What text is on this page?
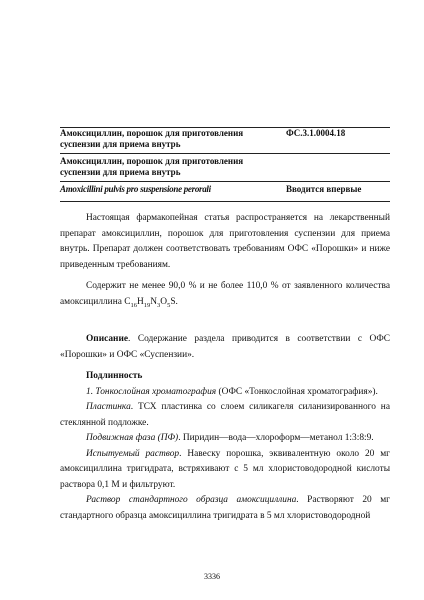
Амоксициллин, порошок для приготовления суспензии для приема внутрь
ФС.3.1.0004.18
Амоксициллин, порошок для приготовления суспензии для приема внутрь
Amoxicillini pulvis pro suspensione perorali	Вводится впервые

Настоящая фармакопейная статья распространяется на лекарственный препарат амоксициллин, порошок для приготовления суспензии для приема внутрь. Препарат должен соответствовать требованиям ОФС «Порошки» и ниже приведенным требованиям.

Содержит не менее 90,0 % и не более 110,0 % от заявленного количества амоксициллина $C_{16}H_{19}N_3O_5S$.

Описание. Содержание раздела приводится в соответствии с ОФС «Порошки» и ОФС «Суспензии».

Подлинность

1. Тонкослойная хроматография (ОФС «Тонкослойная хроматография»).

Пластинка. ТСХ пластинка со слоем силикагеля силанизированного на стеклянной подложке.

Подвижная фаза (ПФ). Пиридин—вода—хлороформ—метанол 1:3:8:9.

Испытуемый раствор. Навеску порошка, эквивалентную около 20 мг амоксициллина тригидрата, встряхивают с 5 мл хлористоводородной кислоты раствора 0,1 М и фильтруют.

Раствор стандартного образца амоксициллина. Растворяют 20 мг стандартного образца амоксициллина тригидрата в 5 мл хлористоводородной

3336
